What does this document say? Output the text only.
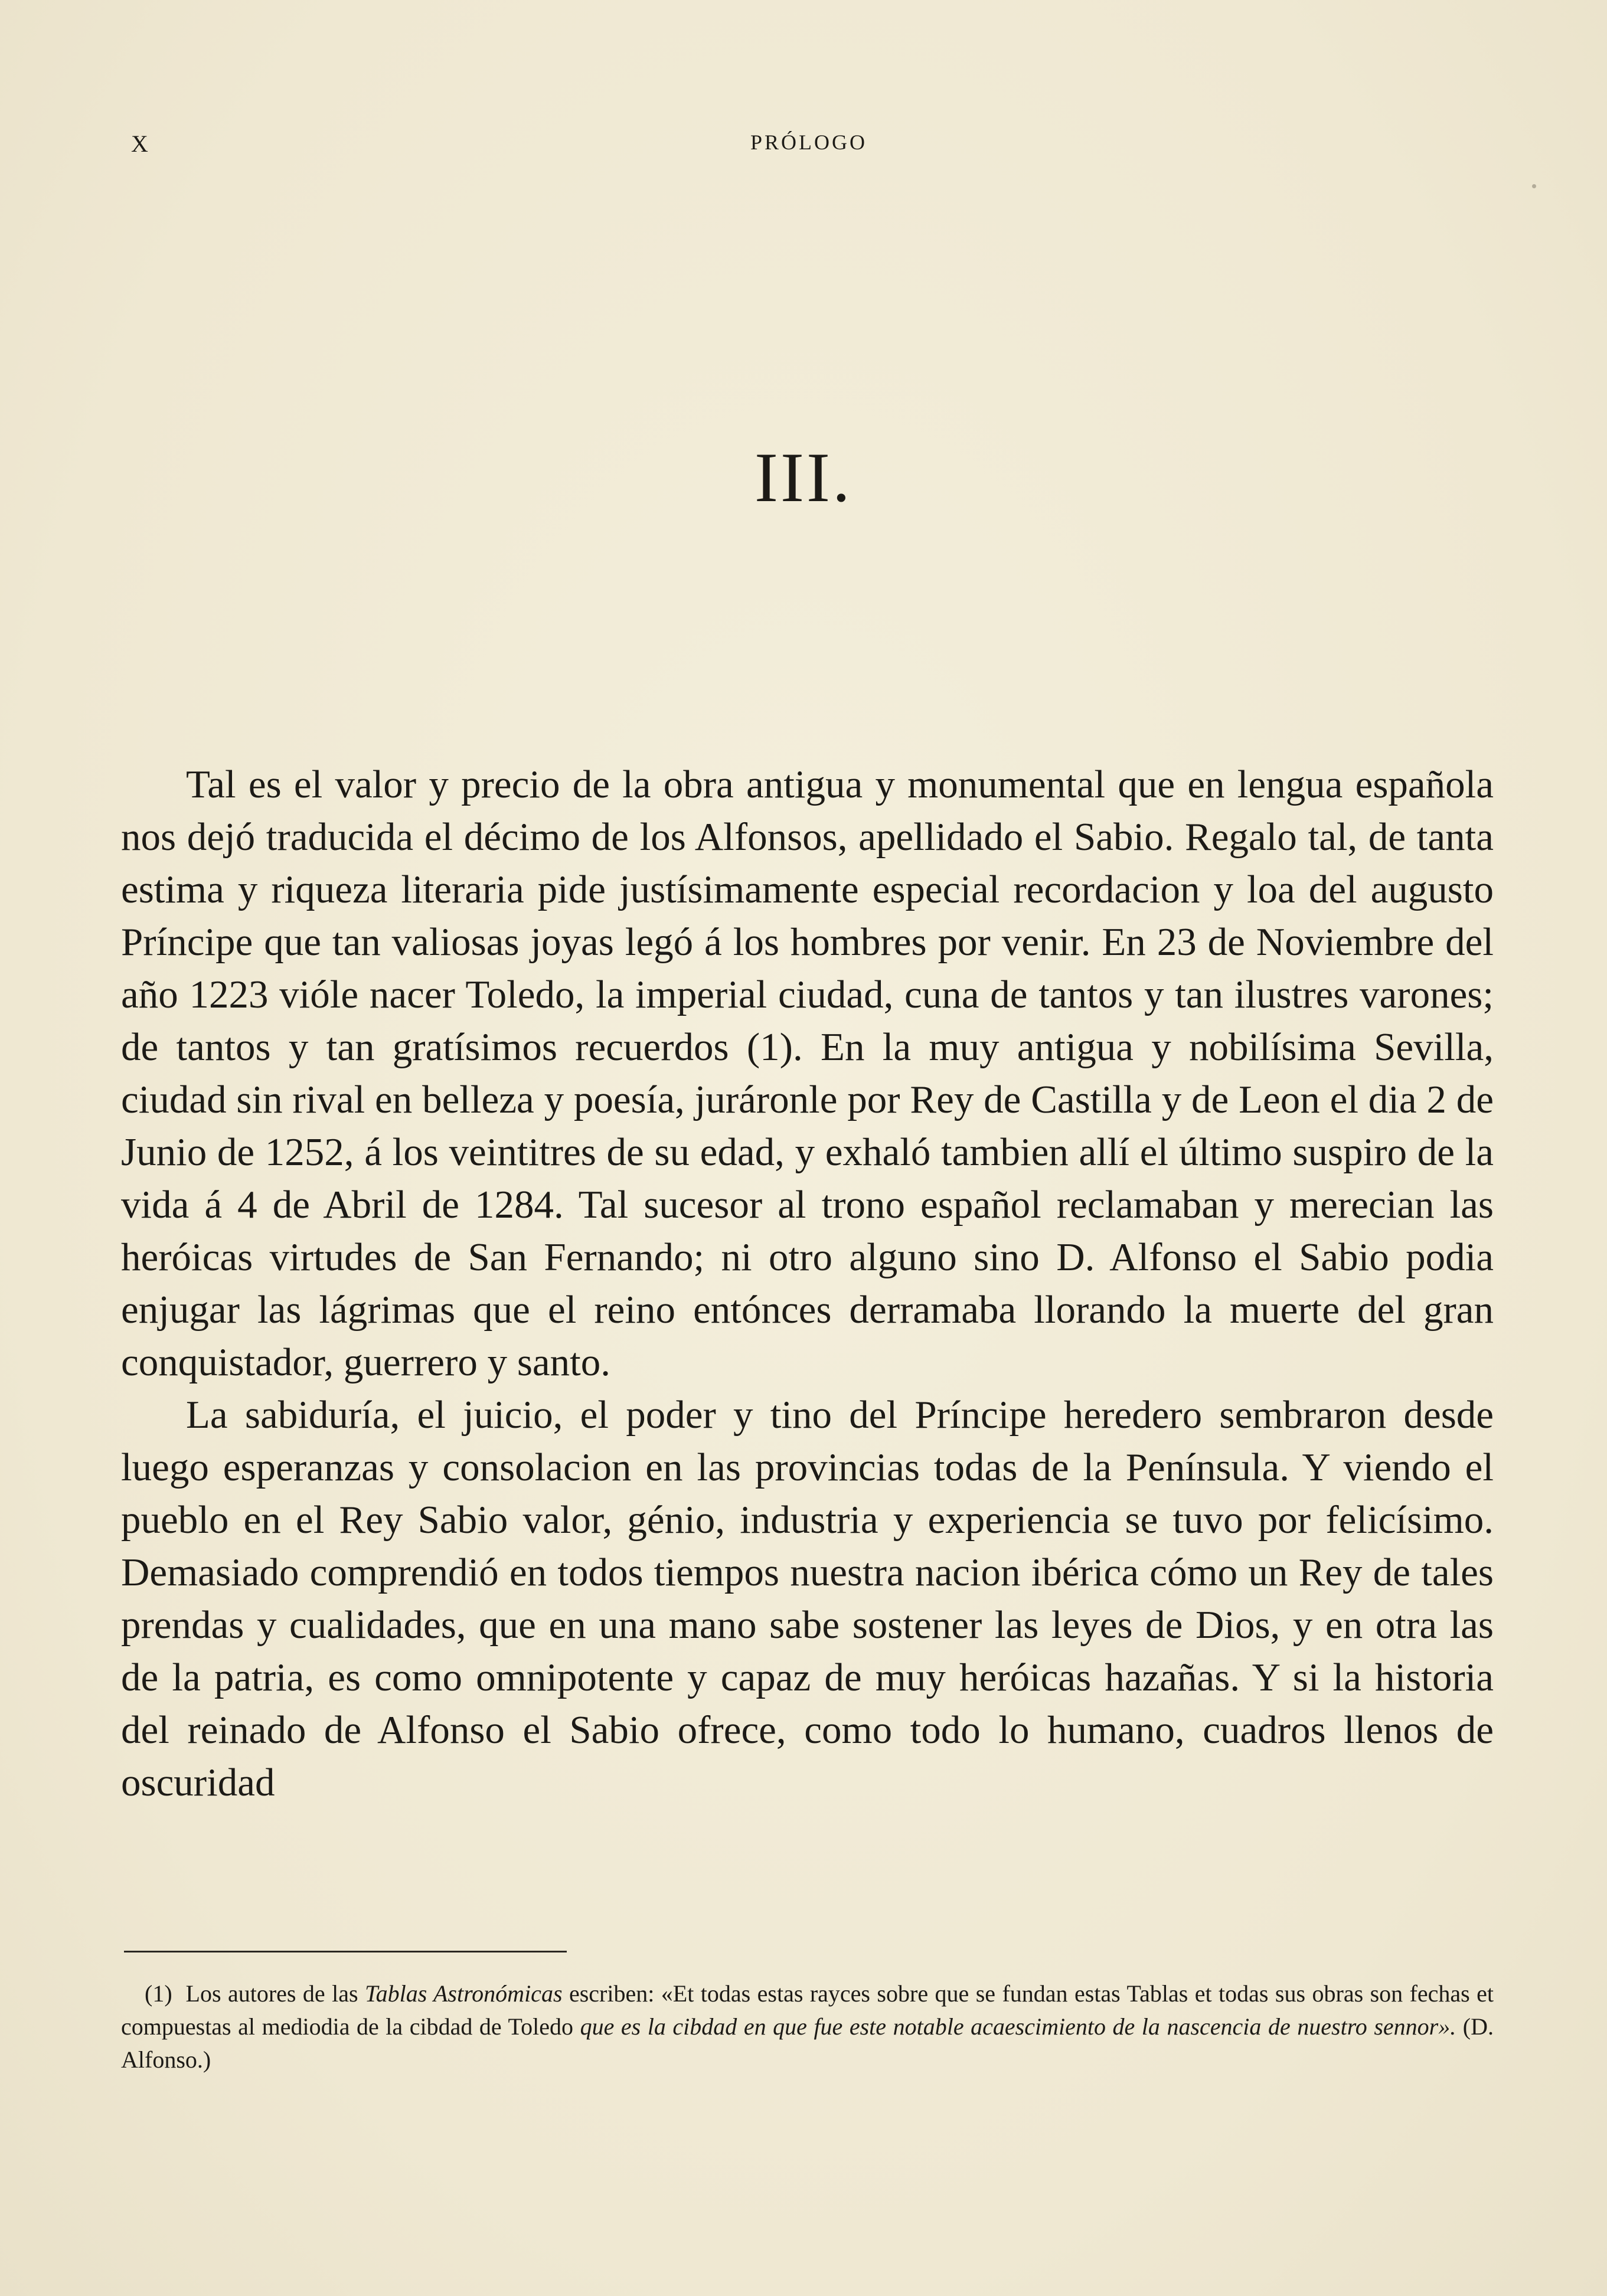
X	PRÓLOGO
III.

Tal es el valor y precio de la obra antigua y monumental que en lengua española nos dejó traducida el décimo de los Alfonsos, apellidado el Sabio. Regalo tal, de tanta estima y riqueza literaria pide justísimamente especial recordacion y loa del augusto Príncipe que tan valiosas joyas legó á los hombres por venir. En 23 de Noviembre del año 1223 vióle nacer Toledo, la imperial ciudad, cuna de tantos y tan ilustres varones; de tantos y tan gratísimos recuerdos (1). En la muy antigua y nobilísima Sevilla, ciudad sin rival en belleza y poesía, juráronle por Rey de Castilla y de Leon el dia 2 de Junio de 1252, á los veintitres de su edad, y exhaló tambien allí el último suspiro de la vida á 4 de Abril de 1284. Tal sucesor al trono español reclamaban y merecian las heróicas virtudes de San Fernando; ni otro alguno sino D. Alfonso el Sabio podia enjugar las lágrimas que el reino entónces derramaba llorando la muerte del gran conquistador, guerrero y santo.

La sabiduría, el juicio, el poder y tino del Príncipe heredero sembraron desde luego esperanzas y consolacion en las provincias todas de la Península. Y viendo el pueblo en el Rey Sabio valor, génio, industria y experiencia se tuvo por felicísimo. Demasiado comprendió en todos tiempos nuestra nacion ibérica cómo un Rey de tales prendas y cualidades, que en una mano sabe sostener las leyes de Dios, y en otra las de la patria, es como omnipotente y capaz de muy heróicas hazañas. Y si la historia del reinado de Alfonso el Sabio ofrece, como todo lo humano, cuadros llenos de oscuridad

(1) Los autores de las Tablas Astronómicas escriben: «Et todas estas rayces sobre que se fundan estas Tablas et todas sus obras son fechas et compuestas al mediodia de la cibdad de Toledo que es la cibdad en que fue este notable acaescimiento de la nascencia de nuestro sennor». (D. Alfonso.)
